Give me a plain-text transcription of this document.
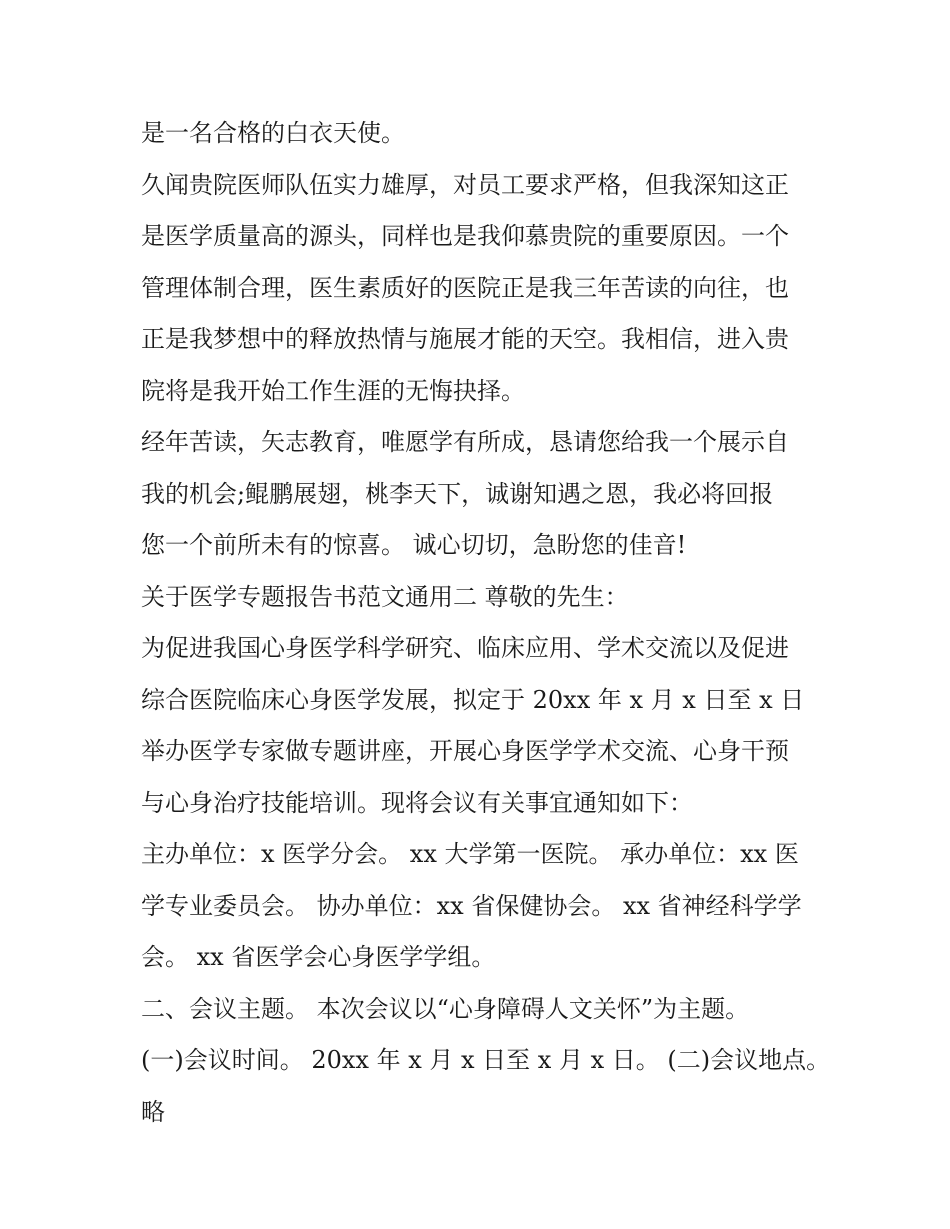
是一名合格的白衣天使。
久闻贵院医师队伍实力雄厚，对员工要求严格，但我深知这正
是医学质量高的源头，同样也是我仰慕贵院的重要原因。一个
管理体制合理，医生素质好的医院正是我三年苦读的向往，也
正是我梦想中的释放热情与施展才能的天空。我相信，进入贵
院将是我开始工作生涯的无悔抉择。
经年苦读，矢志教育，唯愿学有所成，恳请您给我一个展示自
我的机会;鲲鹏展翅，桃李天下，诚谢知遇之恩，我必将回报
您一个前所未有的惊喜。 诚心切切，急盼您的佳音!
关于医学专题报告书范文通用二 尊敬的先生：
为促进我国心身医学科学研究、临床应用、学术交流以及促进
综合医院临床心身医学发展，拟定于 20xx 年 x 月 x 日至 x 日
举办医学专家做专题讲座，开展心身医学学术交流、心身干预
与心身治疗技能培训。现将会议有关事宜通知如下：
主办单位：x 医学分会。 xx 大学第一医院。 承办单位：xx 医
学专业委员会。 协办单位：xx 省保健协会。 xx 省神经科学学
会。 xx 省医学会心身医学学组。
二、会议主题。 本次会议以“心身障碍人文关怀”为主题。
(一)会议时间。 20xx 年 x 月 x 日至 x 月 x 日。 (二)会议地点。
略
